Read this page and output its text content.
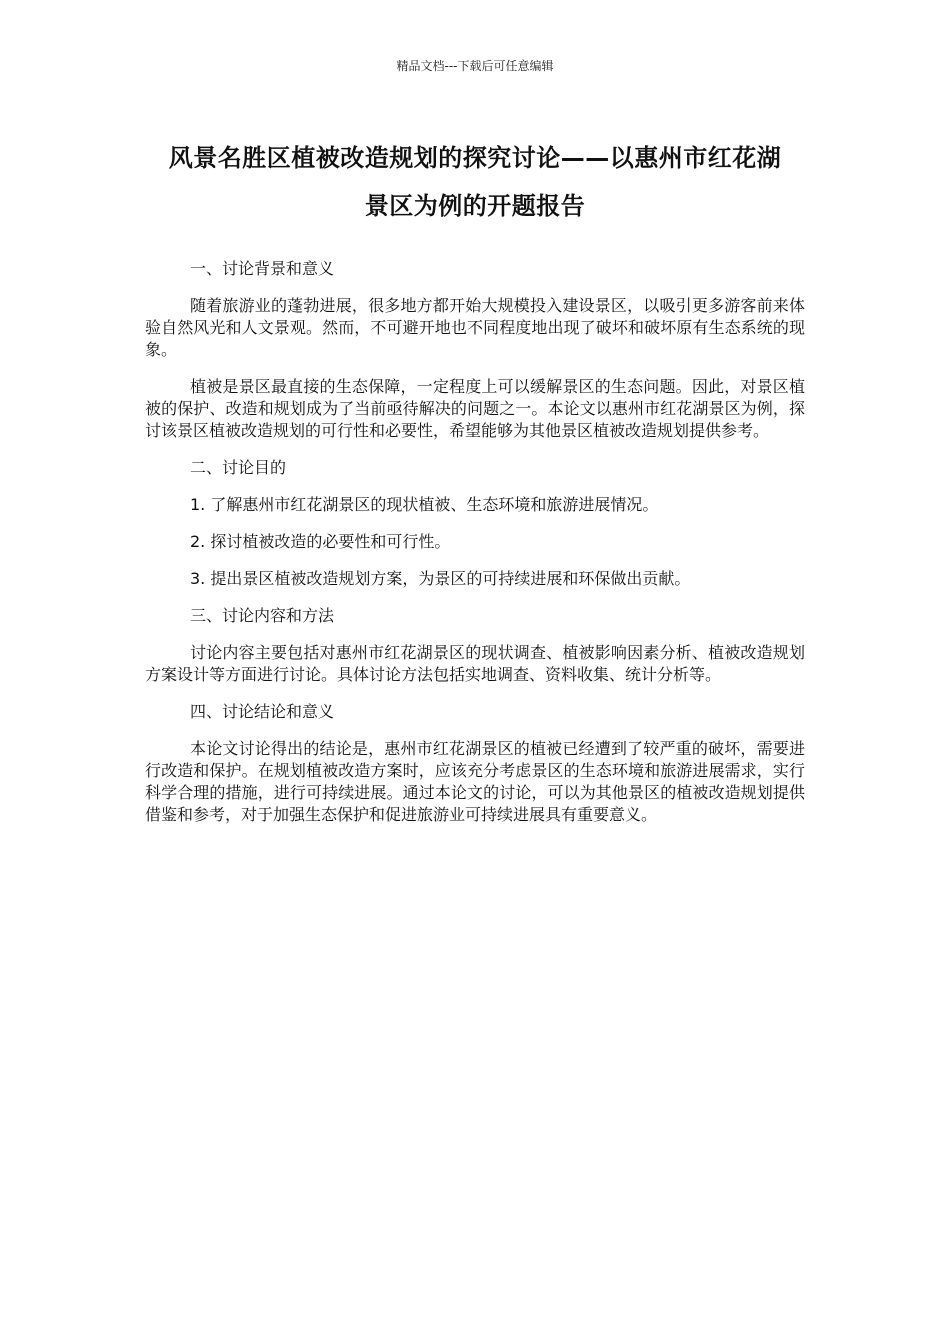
精品文档---下载后可任意编辑
风景名胜区植被改造规划的探究讨论——以惠州市红花湖
景区为例的开题报告

一、讨论背景和意义

随着旅游业的蓬勃进展，很多地方都开始大规模投入建设景区，以吸引更多游客前来体验自然风光和人文景观。然而，不可避开地也不同程度地出现了破坏和破坏原有生态系统的现象。

植被是景区最直接的生态保障，一定程度上可以缓解景区的生态问题。因此，对景区植被的保护、改造和规划成为了当前亟待解决的问题之一。本论文以惠州市红花湖景区为例，探讨该景区植被改造规划的可行性和必要性，希望能够为其他景区植被改造规划提供参考。

二、讨论目的

1. 了解惠州市红花湖景区的现状植被、生态环境和旅游进展情况。

2. 探讨植被改造的必要性和可行性。

3. 提出景区植被改造规划方案，为景区的可持续进展和环保做出贡献。

三、讨论内容和方法

讨论内容主要包括对惠州市红花湖景区的现状调查、植被影响因素分析、植被改造规划方案设计等方面进行讨论。具体讨论方法包括实地调查、资料收集、统计分析等。

四、讨论结论和意义

本论文讨论得出的结论是，惠州市红花湖景区的植被已经遭到了较严重的破坏，需要进行改造和保护。在规划植被改造方案时，应该充分考虑景区的生态环境和旅游进展需求，实行科学合理的措施，进行可持续进展。通过本论文的讨论，可以为其他景区的植被改造规划提供借鉴和参考，对于加强生态保护和促进旅游业可持续进展具有重要意义。
